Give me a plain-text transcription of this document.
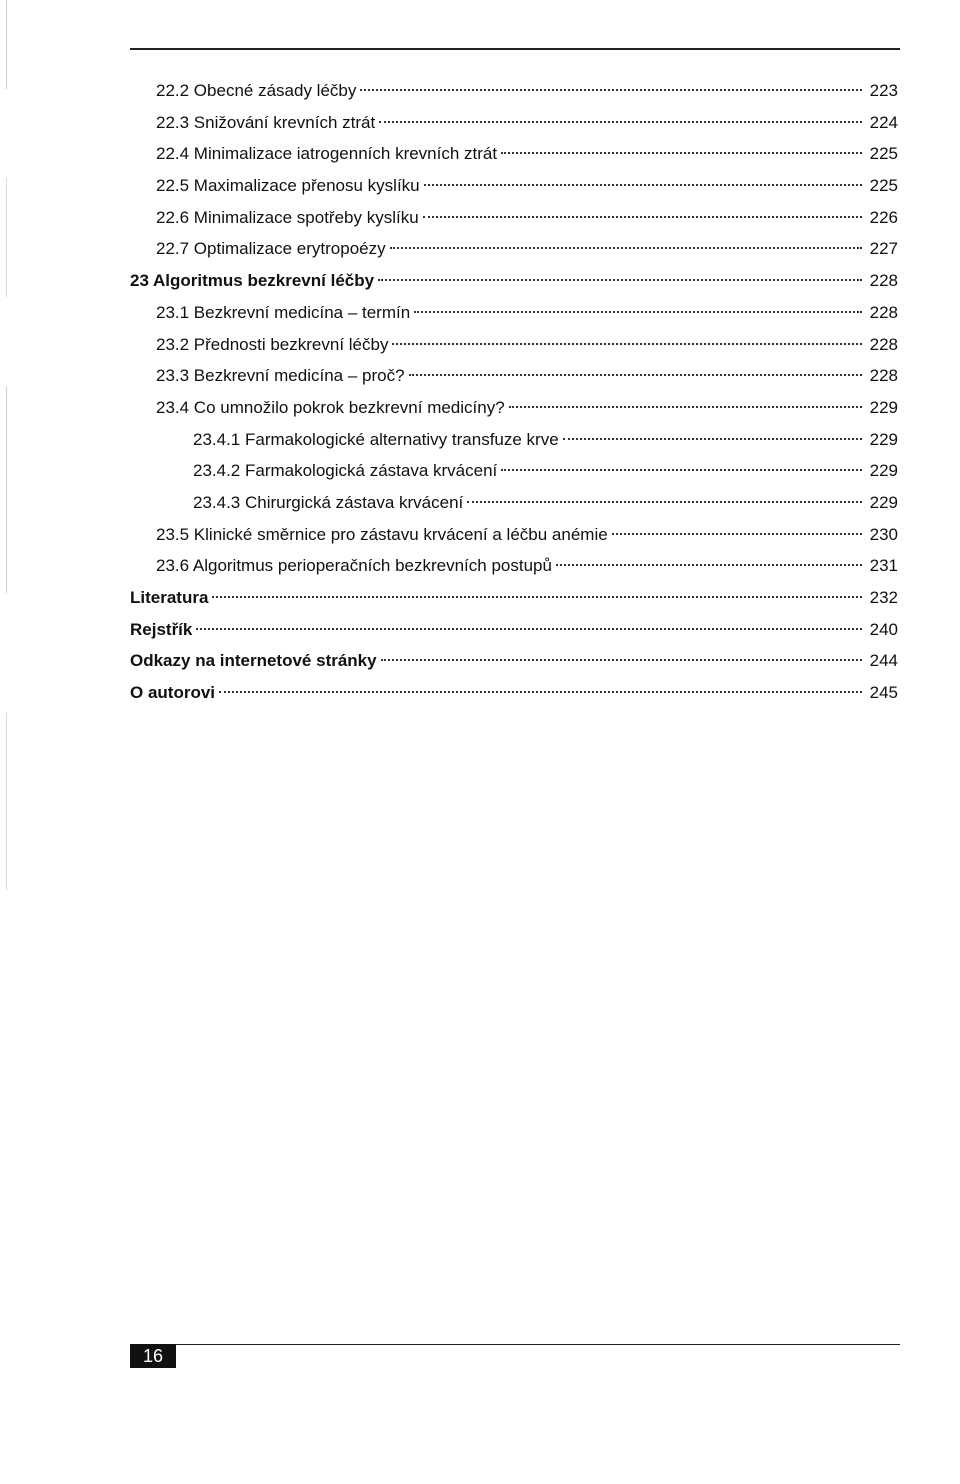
22.2 Obecné zásady léčby	223
22.3 Snižování krevních ztrát	224
22.4 Minimalizace iatrogenních krevních ztrát	225
22.5 Maximalizace přenosu kyslíku	225
22.6 Minimalizace spotřeby kyslíku	226
22.7 Optimalizace erytropoézy	227
23 Algoritmus bezkrevní léčby	228
23.1 Bezkrevní medicína – termín	228
23.2 Přednosti bezkrevní léčby	228
23.3 Bezkrevní medicína – proč?	228
23.4 Co umnožilo pokrok bezkrevní medicíny?	229
23.4.1 Farmakologické alternativy transfuze krve	229
23.4.2 Farmakologická zástava krvácení	229
23.4.3 Chirurgická zástava krvácení	229
23.5 Klinické směrnice pro zástavu krvácení a léčbu anémie	230
23.6 Algoritmus perioperačních bezkrevních postupů	231
Literatura	232
Rejstřík	240
Odkazy na internetové stránky	244
O autorovi	245
16
